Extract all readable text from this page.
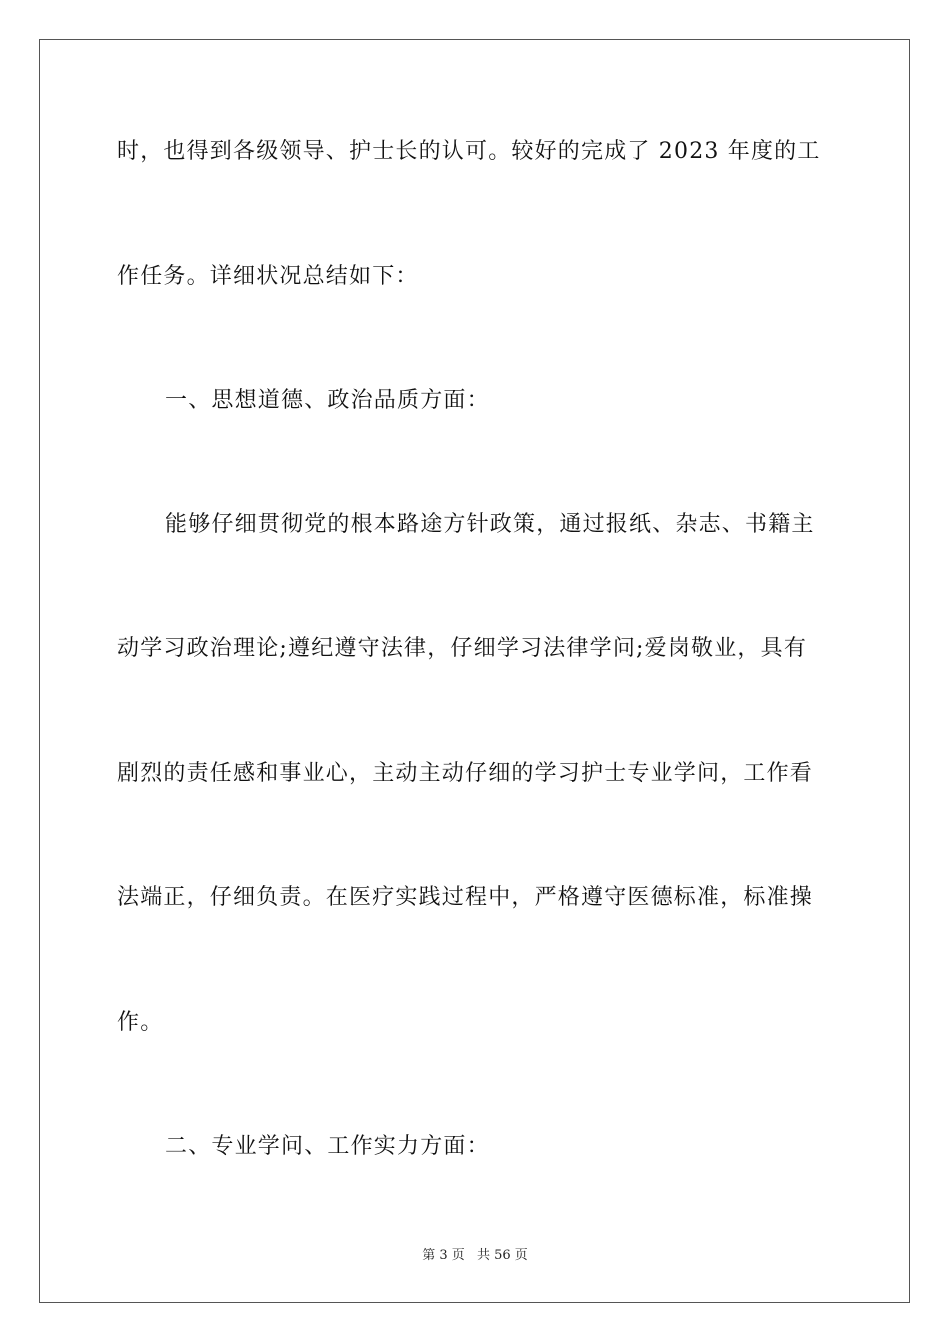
时，也得到各级领导、护士长的认可。较好的完成了 2023 年度的工
作任务。详细状况总结如下：
一、思想道德、政治品质方面：
能够仔细贯彻党的根本路途方针政策，通过报纸、杂志、书籍主
动学习政治理论;遵纪遵守法律，仔细学习法律学问;爱岗敬业，具有
剧烈的责任感和事业心，主动主动仔细的学习护士专业学问，工作看
法端正，仔细负责。在医疗实践过程中，严格遵守医德标准，标准操
作。
二、专业学问、工作实力方面：
第 3 页 共 56 页
